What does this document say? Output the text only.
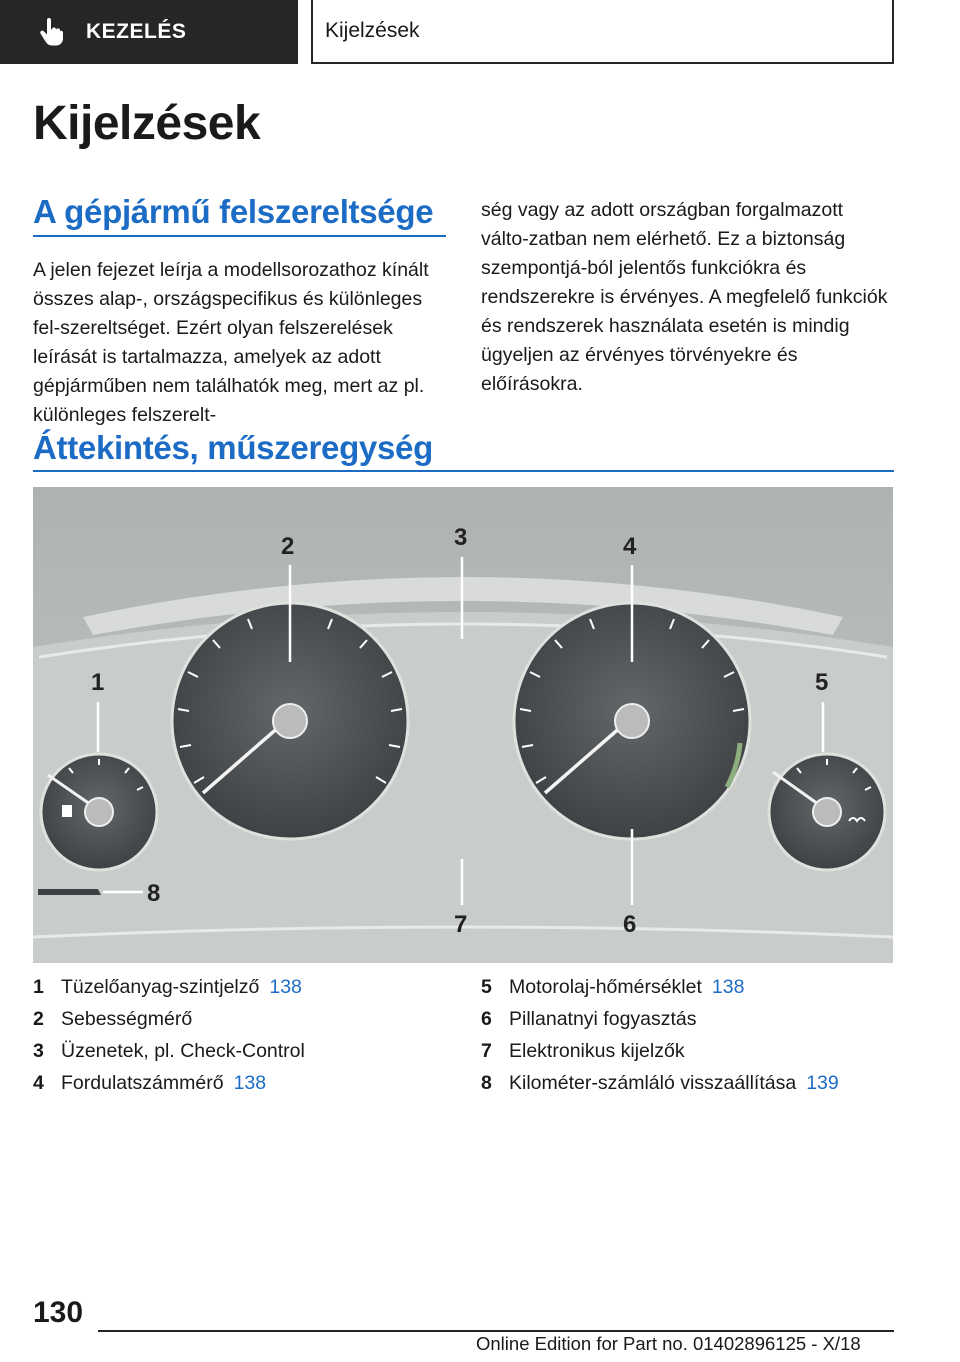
KEZELÉS	Kijelzések
Kijelzések
A gépjármű felszereltsége

A jelen fejezet leírja a modellsorozathoz kínált összes alap-, országspecifikus és különleges fel-szereltséget. Ezért olyan felszerelések leírását is tartalmazza, amelyek az adott gépjárműben nem találhatók meg, mert az pl. különleges felszerelt-

ség vagy az adott országban forgalmazott válto-zatban nem elérhető. Ez a biztonság szempontjá-ból jelentős funkciókra és rendszerekre is érvényes. A megfelelő funkciók és rendszerek használata esetén is mindig ügyeljen az érvényes törvényekre és előírásokra.

Áttekintés, műszeregység
1
2	3	4
5
6
7
8
1 Tüzelőanyag-szintjelző 138
2 Sebességmérő
3 Üzenetek, pl. Check-Control
4 Fordulatszámmérő 138
5 Motorolaj-hőmérséklet 138
6 Pillanatnyi fogyasztás
7 Elektronikus kijelzők
8 Kilométer-számláló visszaállítása 139
130
Online Edition for Part no. 01402896125 - X/18
